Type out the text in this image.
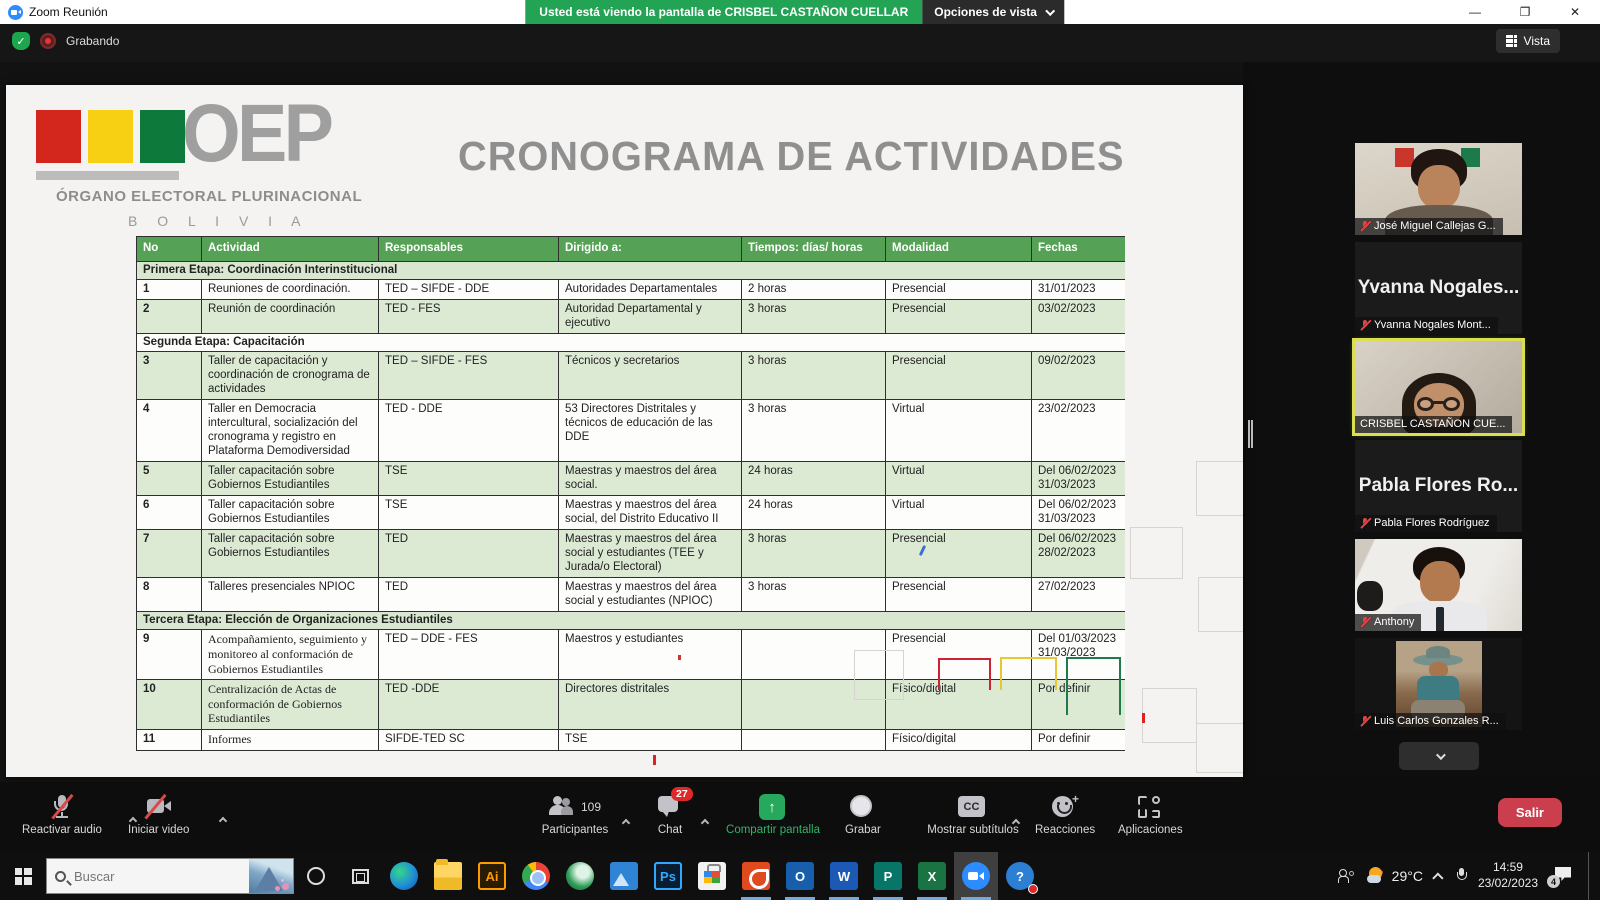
Zoom Reunión	Usted está viendo la pantalla de CRISBEL CASTAÑON CUELLAR	Opciones de vista	—	❐	✕
✓	Grabando	Vista
OEP
ÓRGANO ELECTORAL PLURINACIONAL
B O L I V I A
CRONOGRAMA DE ACTIVIDADES
No	Actividad	Responsables	Dirigido a:	Tiempos: días/ horas	Modalidad	Fechas
Primera Etapa: Coordinación Interinstitucional						
1	Reuniones de coordinación.	TED – SIFDE - DDE	Autoridades Departamentales	2 horas	Presencial	31/01/2023
2	Reunión de coordinación	TED - FES	Autoridad Departamental y ejecutivo	3 horas	Presencial	03/02/2023
Segunda Etapa: Capacitación						
3	Taller de capacitación y coordinación de cronograma de actividades	TED – SIFDE - FES	Técnicos y secretarios	3 horas	Presencial	09/02/2023
4	Taller en Democracia intercultural, socialización del cronograma y registro en Plataforma Demodiversidad	TED - DDE	53 Directores Distritales y técnicos de educación de las DDE	3 horas	Virtual	23/02/2023
5	Taller capacitación sobre Gobiernos Estudiantiles	TSE	Maestras y maestros del área social.	24 horas	Virtual	Del 06/02/2023 31/03/2023
6	Taller capacitación sobre Gobiernos Estudiantiles	TSE	Maestras y maestros del área social, del Distrito Educativo II	24 horas	Virtual	Del 06/02/2023 31/03/2023
7	Taller capacitación sobre Gobiernos Estudiantiles	TED	Maestras y maestros del área social y estudiantes (TEE y Jurada/o Electoral)	3 horas	Presencial	Del 06/02/2023 28/02/2023
8	Talleres presenciales NPIOC	TED	Maestras y maestros del área social y estudiantes (NPIOC)	3 horas	Presencial	27/02/2023
Tercera Etapa: Elección de Organizaciones Estudiantiles						
9	Acompañamiento, seguimiento y monitoreo al conformación de Gobiernos Estudiantiles	TED – DDE - FES	Maestros y estudiantes		Presencial	Del 01/03/2023 31/03/2023
10	Centralización de Actas de conformación de Gobiernos Estudiantiles	TED -DDE	Directores distritales		Físico/digital	Por definir
11	Informes	SIFDE-TED SC	TSE		Físico/digital	Por definir
José Miguel Callejas G...
Yvanna Nogales...
Yvanna Nogales Mont...
CRISBEL CASTAÑON CUE...
Pabla Flores Ro...
Pabla Flores Rodríguez
Anthony
Luis Carlos Gonzales R...
Reactivar audio Iniciar video
109
Participantes
27
Chat
↑
Compartir pantalla Grabar
CC
Mostrar subtítulos
+
Reacciones Aplicaciones
Salir
Buscar
Ai	Ps	O	W	P	X	?	29°C
14:59
23/02/2023	4
